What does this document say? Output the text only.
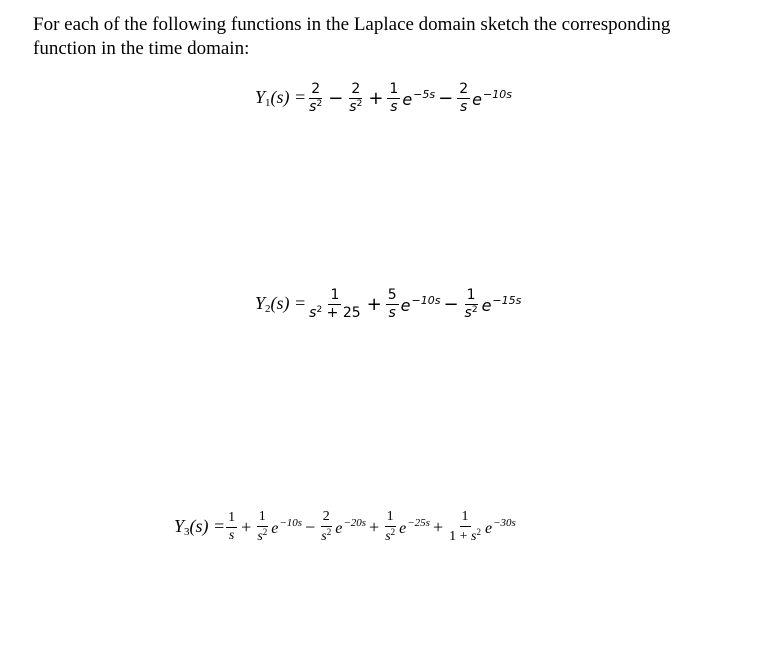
For each of the following functions in the Laplace domain sketch the corresponding
function in the time domain:
$Y_1(s) = \frac{2}{s^2} - \frac{2}{s^2} + \frac{1}{s} e^{-5s} - \frac{2}{s} e^{-10s}$
$Y_2(s) = \frac{1}{s^2 + 25} + \frac{5}{s} e^{-10s} - \frac{1}{s^2} e^{-15s}$
$Y_3(s) = \frac{1}{s} + \frac{1}{s^2} e^{-10s} - \frac{2}{s^2} e^{-20s} + \frac{1}{s^2} e^{-25s} + \frac{1}{1 + s^2} e^{-30s}$
